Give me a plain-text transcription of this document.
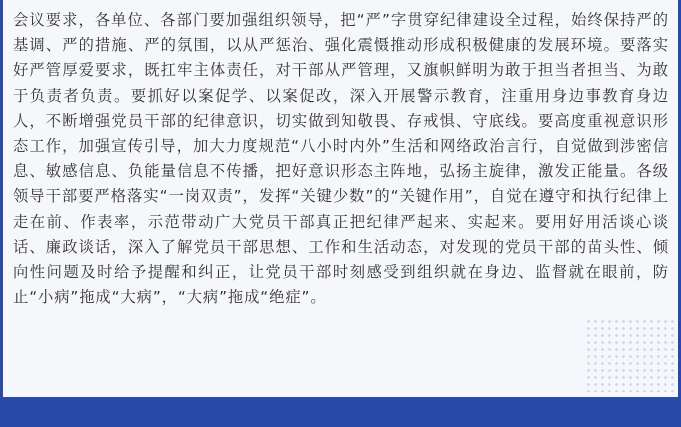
会议要求，各单位、各部门要加强组织领导，把“严”字贯穿纪律建设全过程，始终保持严的基调、严的措施、严的氛围，以从严惩治、强化震慑推动形成积极健康的发展环境。要落实好严管厚爱要求，既扛牢主体责任，对干部从严管理，又旗帜鲜明为敢于担当者担当、为敢于负责者负责。要抓好以案促学、以案促改，深入开展警示教育，注重用身边事教育身边人，不断增强党员干部的纪律意识，切实做到知敬畏、存戒惧、守底线。要高度重视意识形态工作，加强宣传引导，加大力度规范“八小时内外”生活和网络政治言行，自觉做到涉密信息、敏感信息、负能量信息不传播，把好意识形态主阵地，弘扬主旋律，激发正能量。各级领导干部要严格落实“一岗双责”，发挥“关键少数”的“关键作用”，自觉在遵守和执行纪律上走在前、作表率，示范带动广大党员干部真正把纪律严起来、实起来。要用好用活谈心谈话、廉政谈话，深入了解党员干部思想、工作和生活动态，对发现的党员干部的苗头性、倾向性问题及时给予提醒和纠正，让党员干部时刻感受到组织就在身边、监督就在眼前，防止“小病”拖成“大病”，“大病”拖成“绝症”。
